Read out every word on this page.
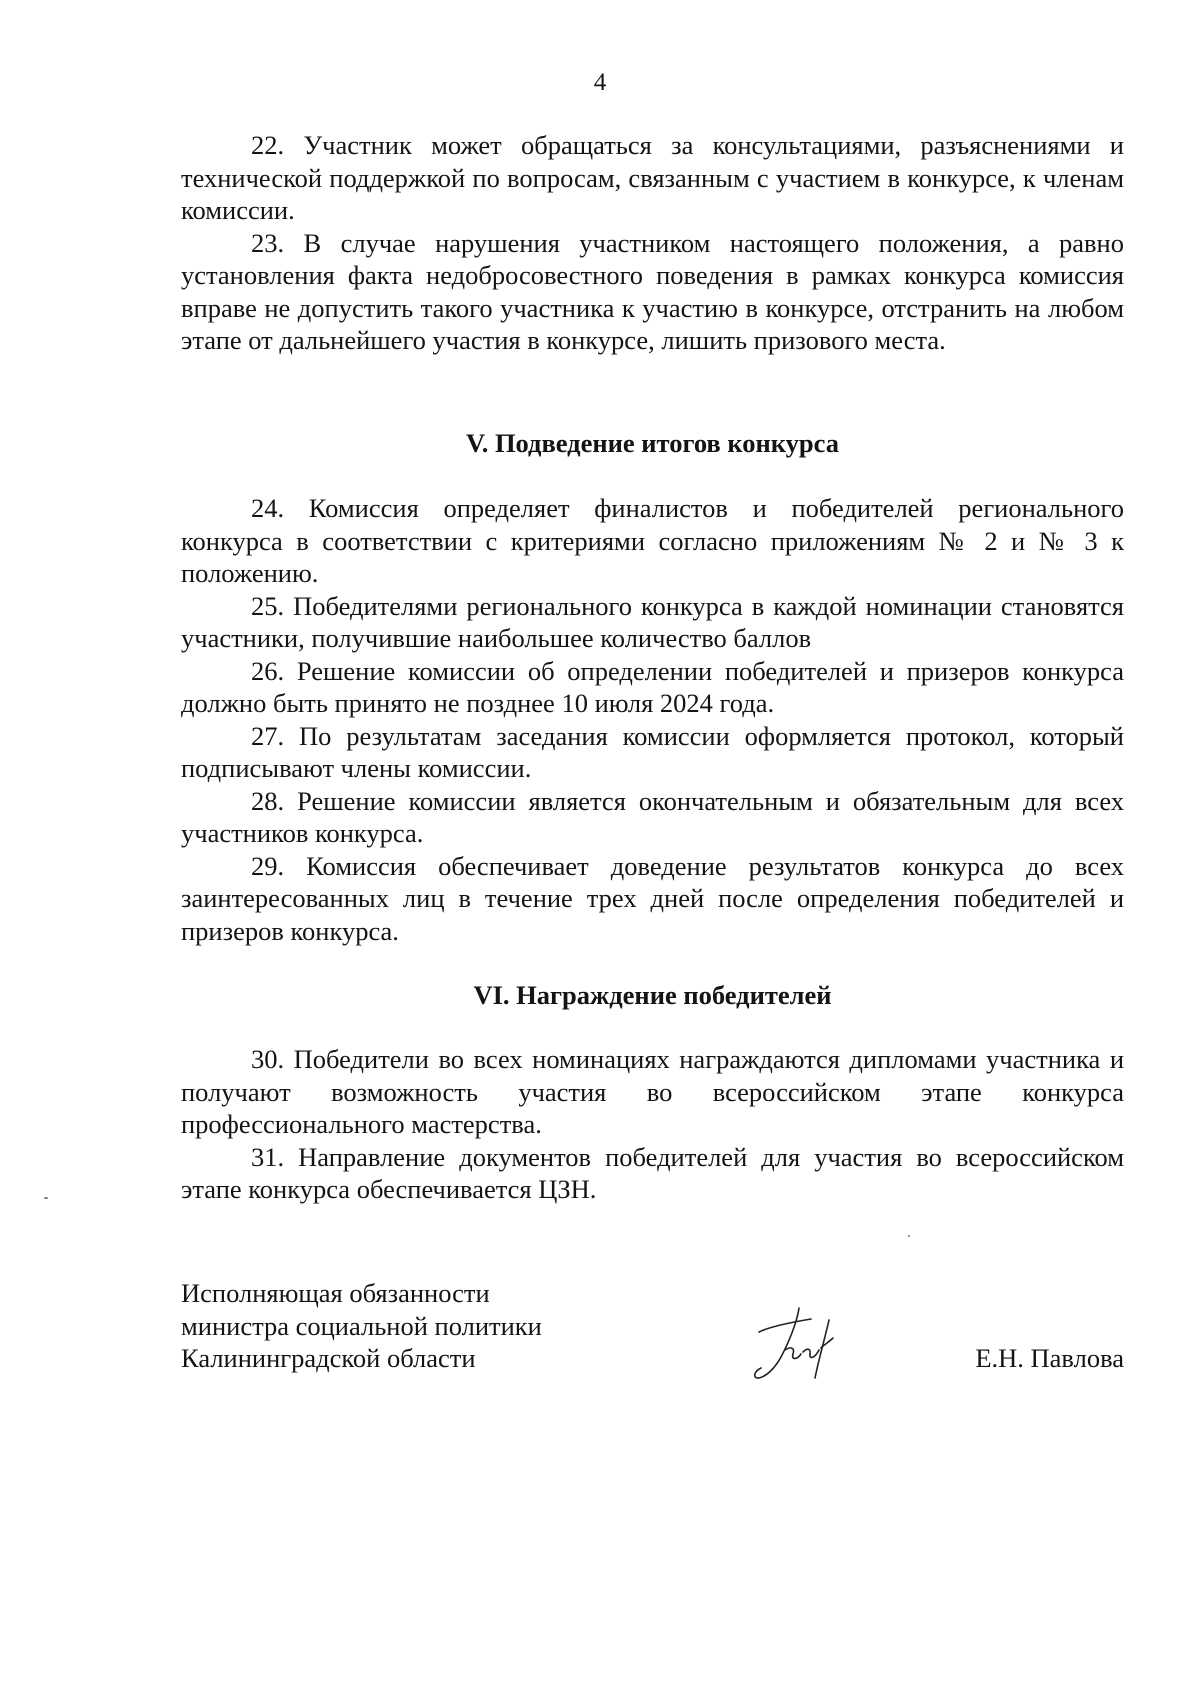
4

22. Участник может обращаться за консультациями, разъяснениями и технической поддержкой по вопросам, связанным с участием в конкурсе, к членам комиссии.

23. В случае нарушения участником настоящего положения, а равно установления факта недобросовестного поведения в рамках конкурса комиссия вправе не допустить такого участника к участию в конкурсе, отстранить на любом этапе от дальнейшего участия в конкурсе, лишить призового места.

V. Подведение итогов конкурса

24. Комиссия определяет финалистов и победителей регионального конкурса в соответствии с критериями согласно приложениям № 2 и № 3 к положению.

25. Победителями регионального конкурса в каждой номинации становятся участники, получившие наибольшее количество баллов

26. Решение комиссии об определении победителей и призеров конкурса должно быть принято не позднее 10 июля 2024 года.

27. По результатам заседания комиссии оформляется протокол, который подписывают члены комиссии.

28. Решение комиссии является окончательным и обязательным для всех участников конкурса.

29. Комиссия обеспечивает доведение результатов конкурса до всех заинтересованных лиц в течение трех дней после определения победителей и призеров конкурса.

VI. Награждение победителей

30. Победители во всех номинациях награждаются дипломами участника и получают возможность участия во всероссийском этапе конкурса профессионального мастерства.

31. Направление документов победителей для участия во всероссийском этапе конкурса обеспечивается ЦЗН.

Исполняющая обязанности
министра социальной политики
Калининградской области	Е.Н. Павлова
